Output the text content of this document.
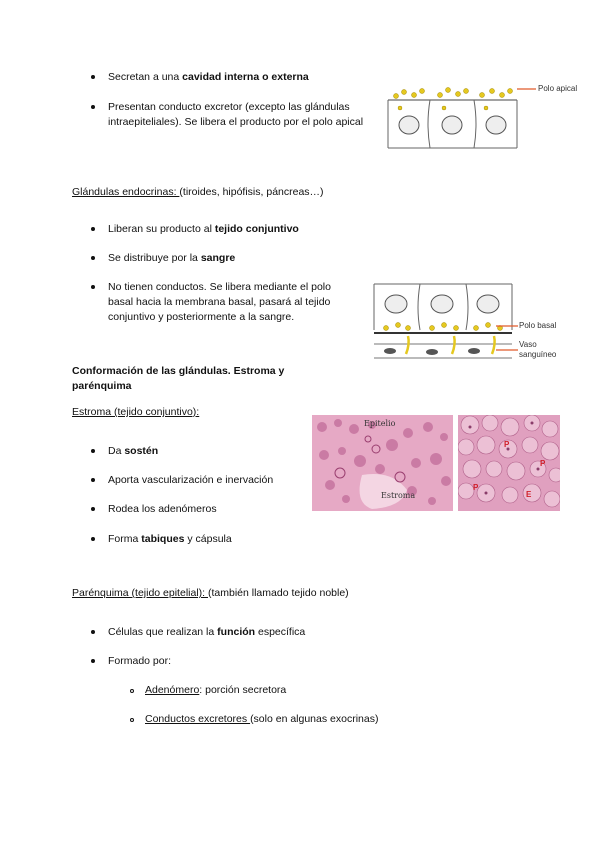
Secretan a una cavidad interna o externa
Presentan conducto excretor (excepto las glándulas intraepiteliales). Se libera el producto por el polo apical
Polo apical
Glándulas endocrinas: (tiroides, hipófisis, páncreas…)
Liberan su producto al tejido conjuntivo
Se distribuye por la sangre
No tienen conductos. Se libera mediante el polo basal hacia la membrana basal, pasará al tejido conjuntivo y posteriormente a la sangre.
Polo basal
Vaso
sanguíneo
Conformación de las glándulas. Estroma y parénquima
Estroma (tejido conjuntivo):
Epitelio
Estroma
P
P
P
E
Da sostén
Aporta vascularización e inervación
Rodea los adenómeros
Forma tabiques y cápsula
Parénquima (tejido epitelial): (también llamado tejido noble)
Células que realizan la función específica
Formado por:
Adenómero: porción secretora
Conductos excretores (solo en algunas exocrinas)
